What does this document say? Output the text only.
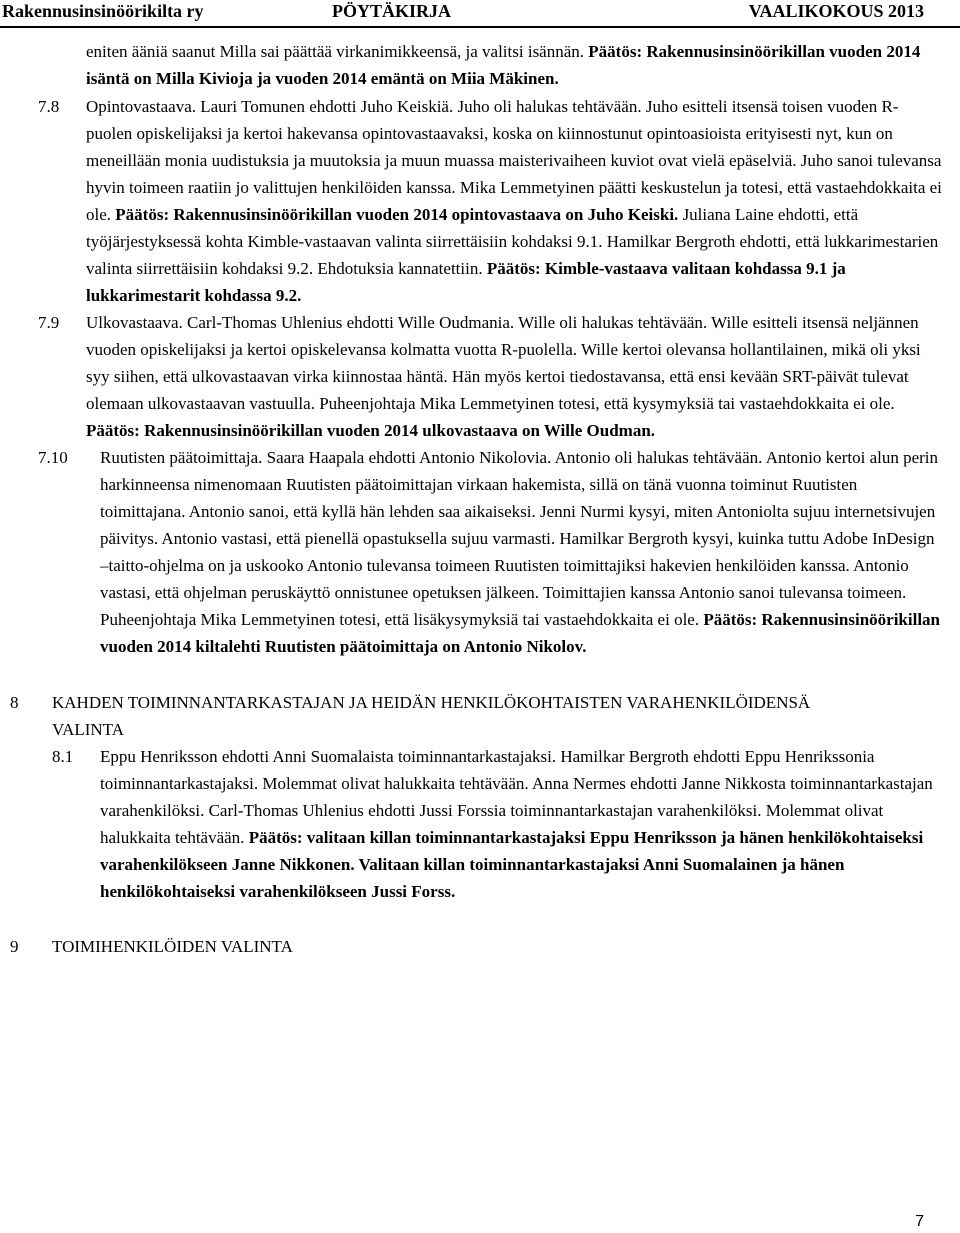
Rakennusinsinöörikilta ry	PÖYTÄKIRJA	VAALIKOKOUS 2013
eniten ääniä saanut Milla sai päättää virkanimikkeensä, ja valitsi isännän. Päätös: Rakennusinsinöörikillan vuoden 2014 isäntä on Milla Kivioja ja vuoden 2014 emäntä on Miia Mäkinen.
7.8 Opintovastaava. Lauri Tomunen ehdotti Juho Keiskiä. Juho oli halukas tehtävään. Juho esitteli itsensä toisen vuoden R-puolen opiskelijaksi ja kertoi hakevansa opintovastaavaksi, koska on kiinnostunut opintoasioista erityisesti nyt, kun on meneillään monia uudistuksia ja muutoksia ja muun muassa maisterivaiheen kuviot ovat vielä epäselviä. Juho sanoi tulevansa hyvin toimeen raatiin jo valittujen henkilöiden kanssa. Mika Lemmetyinen päätti keskustelun ja totesi, että vastaehdokkaita ei ole. Päätös: Rakennusinsinöörikillan vuoden 2014 opintovastaava on Juho Keiski. Juliana Laine ehdotti, että työjärjestyksessä kohta Kimble-vastaavan valinta siirrettäisiin kohdaksi 9.1. Hamilkar Bergroth ehdotti, että lukkarimestarien valinta siirrettäisiin kohdaksi 9.2. Ehdotuksia kannatettiin. Päätös: Kimble-vastaava valitaan kohdassa 9.1 ja lukkarimestarit kohdassa 9.2.
7.9 Ulkovastaava. Carl-Thomas Uhlenius ehdotti Wille Oudmania. Wille oli halukas tehtävään. Wille esitteli itsensä neljännen vuoden opiskelijaksi ja kertoi opiskelevansa kolmatta vuotta R-puolella. Wille kertoi olevansa hollantilainen, mikä oli yksi syy siihen, että ulkovastaavan virka kiinnostaa häntä. Hän myös kertoi tiedostavansa, että ensi kevään SRT-päivät tulevat olemaan ulkovastaavan vastuulla. Puheenjohtaja Mika Lemmetyinen totesi, että kysymyksiä tai vastaehdokkaita ei ole. Päätös: Rakennusinsinöörikillan vuoden 2014 ulkovastaava on Wille Oudman.
7.10 Ruutisten päätoimittaja. Saara Haapala ehdotti Antonio Nikolovia. Antonio oli halukas tehtävään. Antonio kertoi alun perin harkinneensa nimenomaan Ruutisten päätoimittajan virkaan hakemista, sillä on tänä vuonna toiminut Ruutisten toimittajana. Antonio sanoi, että kyllä hän lehden saa aikaiseksi. Jenni Nurmi kysyi, miten Antoniolta sujuu internetsivujen päivitys. Antonio vastasi, että pienellä opastuksella sujuu varmasti. Hamilkar Bergroth kysyi, kuinka tuttu Adobe InDesign –taitto-ohjelma on ja uskooko Antonio tulevansa toimeen Ruutisten toimittajiksi hakevien henkilöiden kanssa. Antonio vastasi, että ohjelman peruskäyttö onnistunee opetuksen jälkeen. Toimittajien kanssa Antonio sanoi tulevansa toimeen. Puheenjohtaja Mika Lemmetyinen totesi, että lisäkysymyksiä tai vastaehdokkaita ei ole. Päätös: Rakennusinsinöörikillan vuoden 2014 kiltalehti Ruutisten päätoimittaja on Antonio Nikolov.
8 KAHDEN TOIMINNANTARKASTAJAN JA HEIDÄN HENKILÖKOHTAISTEN VARAHENKILÖIDENSÄ VALINTA
8.1 Eppu Henriksson ehdotti Anni Suomalaista toiminnantarkastajaksi. Hamilkar Bergroth ehdotti Eppu Henrikssonia toiminnantarkastajaksi. Molemmat olivat halukkaita tehtävään. Anna Nermes ehdotti Janne Nikkosta toiminnantarkastajan varahenkilöksi. Carl-Thomas Uhlenius ehdotti Jussi Forssia toiminnantarkastajan varahenkilöksi. Molemmat olivat halukkaita tehtävään. Päätös: valitaan killan toiminnantarkastajaksi Eppu Henriksson ja hänen henkilökohtaiseksi varahenkilökseen Janne Nikkonen. Valitaan killan toiminnantarkastajaksi Anni Suomalainen ja hänen henkilökohtaiseksi varahenkilökseen Jussi Forss.
9 TOIMIHENKILÖIDEN VALINTA
7
